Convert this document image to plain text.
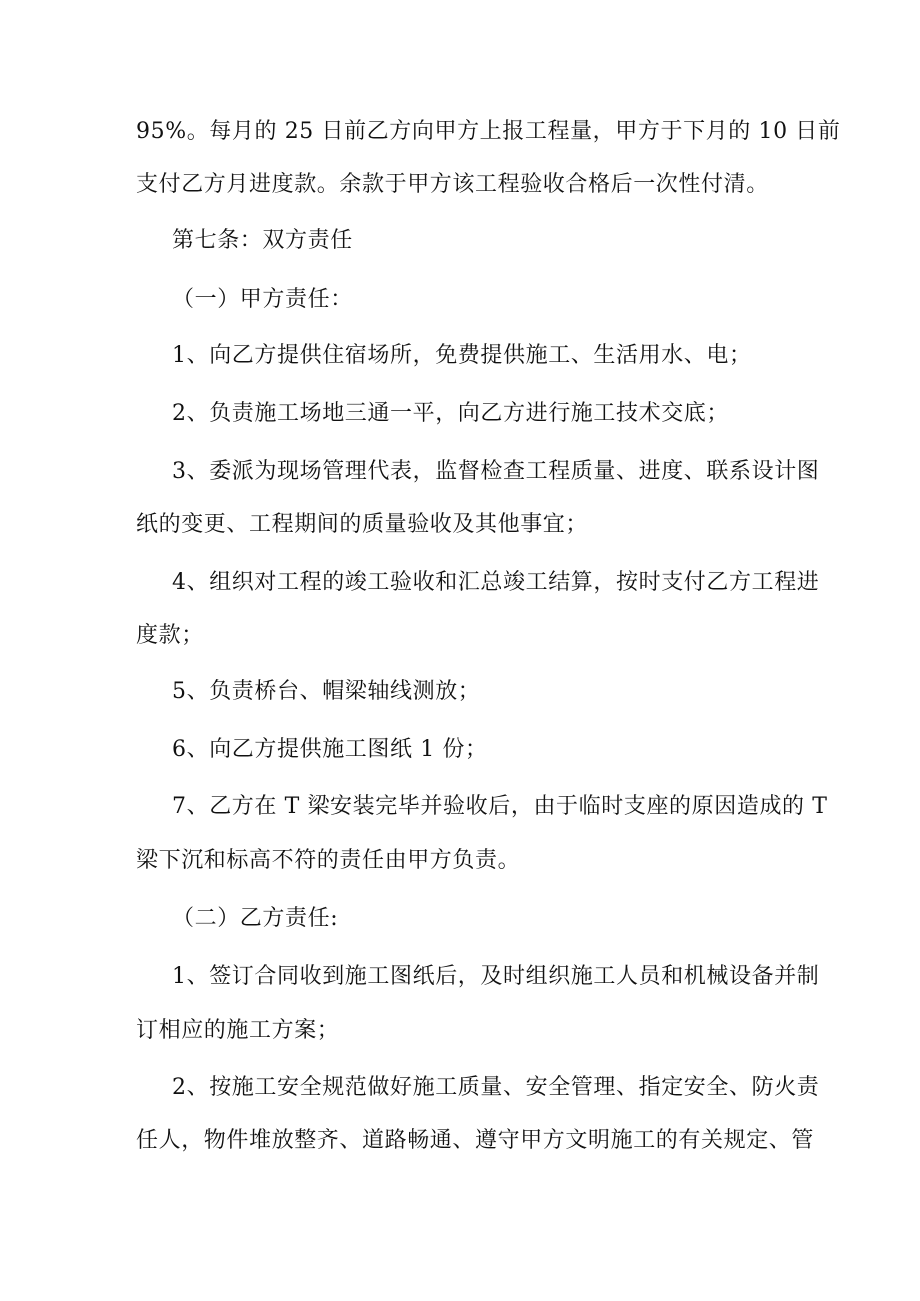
95%。每月的 25 日前乙方向甲方上报工程量，甲方于下月的 10 日前
支付乙方月进度款。余款于甲方该工程验收合格后一次性付清。
第七条：双方责任
（一）甲方责任：
1、向乙方提供住宿场所，免费提供施工、生活用水、电；
2、负责施工场地三通一平，向乙方进行施工技术交底；
3、委派为现场管理代表，监督检查工程质量、进度、联系设计图
纸的变更、工程期间的质量验收及其他事宜；
4、组织对工程的竣工验收和汇总竣工结算，按时支付乙方工程进
度款；
5、负责桥台、帽梁轴线测放；
6、向乙方提供施工图纸 1 份；
7、乙方在 T 梁安装完毕并验收后，由于临时支座的原因造成的 T
梁下沉和标高不符的责任由甲方负责。
（二）乙方责任:
1、签订合同收到施工图纸后，及时组织施工人员和机械设备并制
订相应的施工方案；
2、按施工安全规范做好施工质量、安全管理、指定安全、防火责
任人，物件堆放整齐、道路畅通、遵守甲方文明施工的有关规定、管
